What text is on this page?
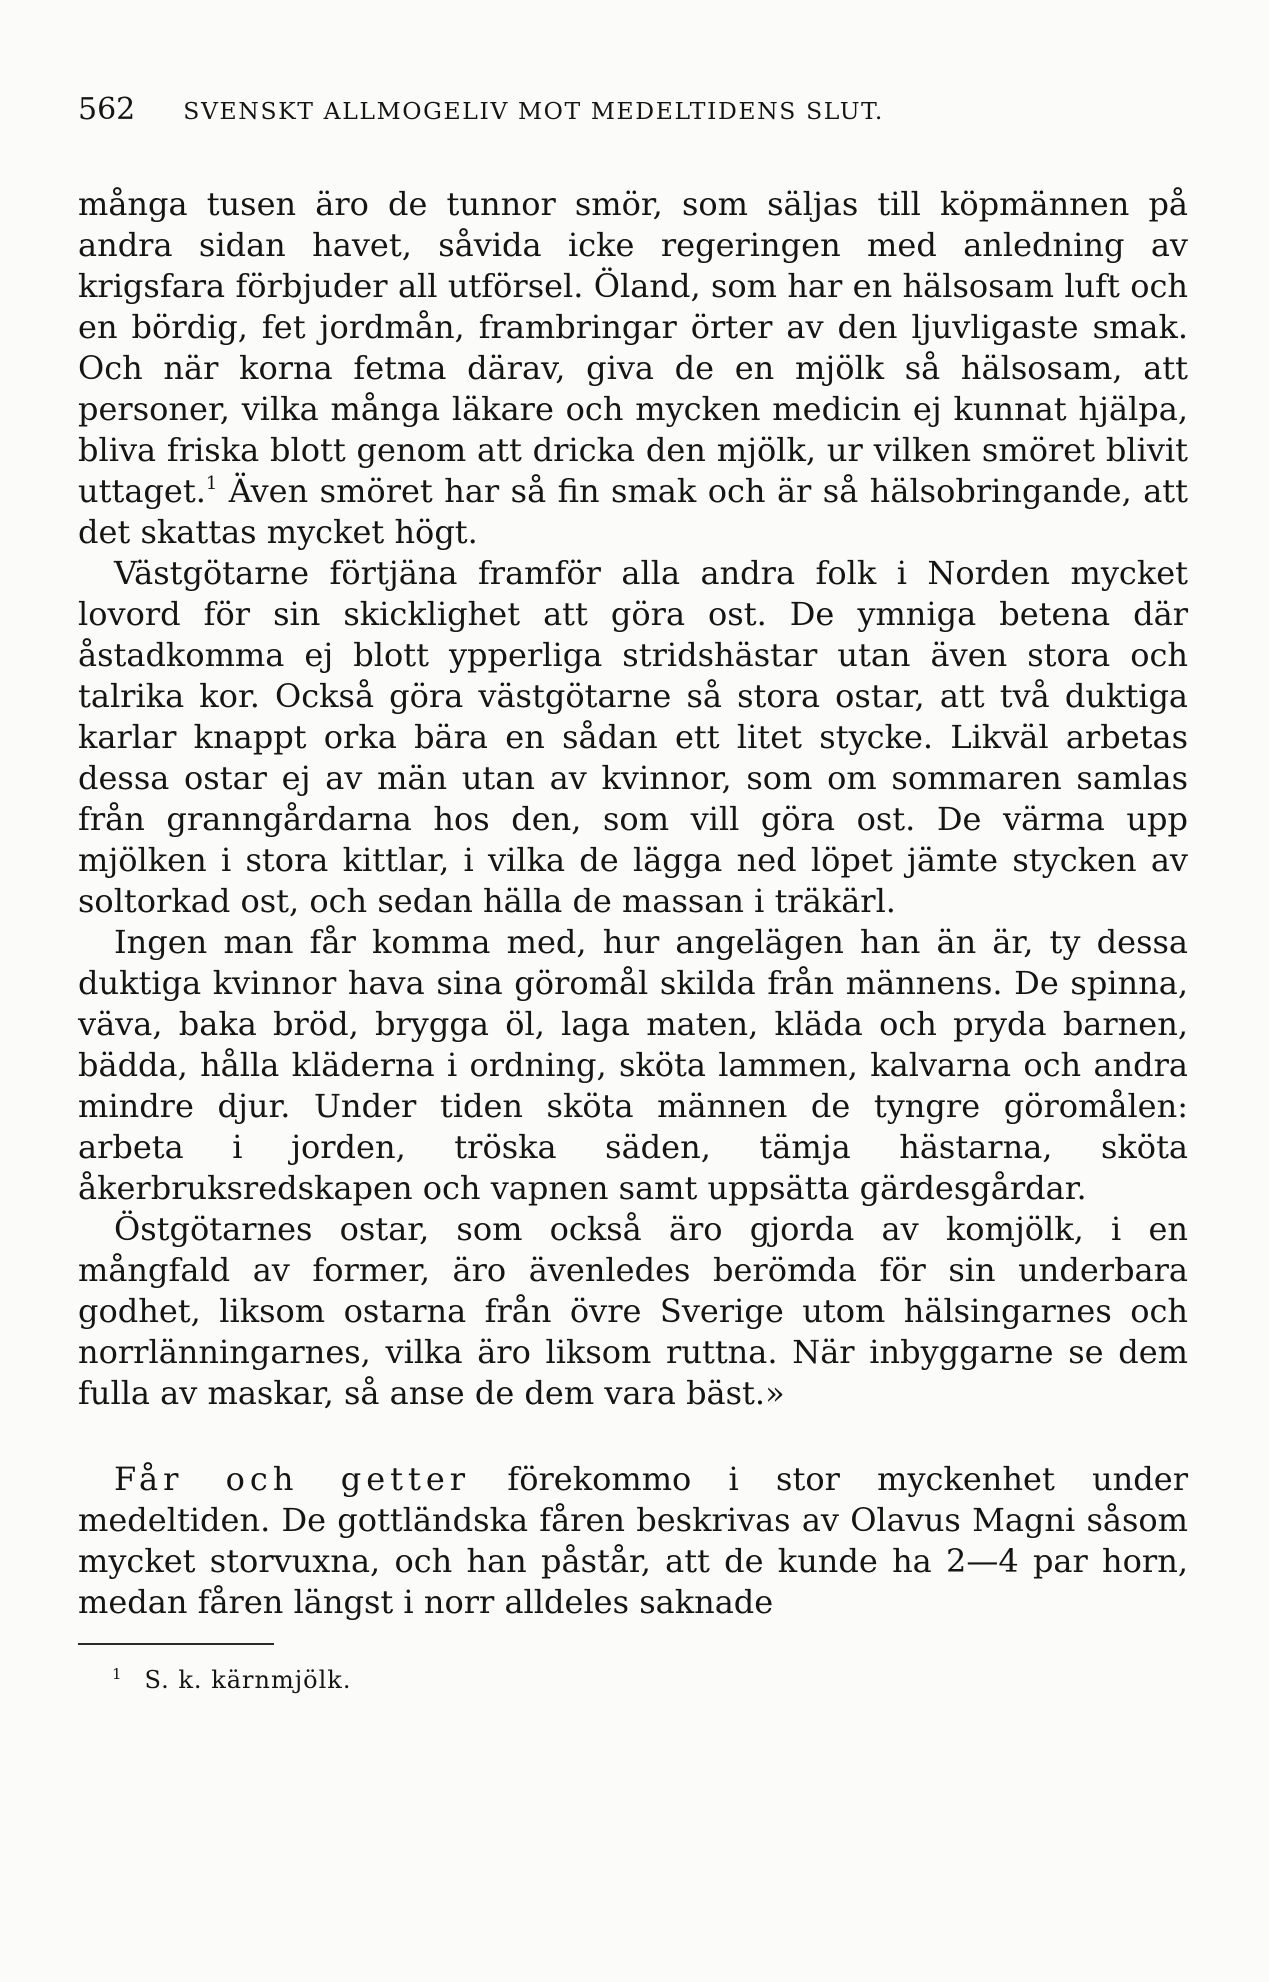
562 SVENSKT ALLMOGELIV MOT MEDELTIDENS SLUT.

många tusen äro de tunnor smör, som säljas till köpmännen på andra sidan havet, såvida icke regeringen med anledning av krigsfara förbjuder all utförsel. Öland, som har en hälsosam luft och en bördig, fet jordmån, frambringar örter av den ljuvligaste smak. Och när korna fetma därav, giva de en mjölk så hälsosam, att personer, vilka många läkare och mycken medicin ej kunnat hjälpa, bliva friska blott genom att dricka den mjölk, ur vilken smöret blivit uttaget.$^1$ Även smöret har så fin smak och är så hälsobringande, att det skattas mycket högt.

Västgötarne förtjäna framför alla andra folk i Norden mycket lovord för sin skicklighet att göra ost. De ymniga betena där åstadkomma ej blott ypperliga stridshästar utan även stora och talrika kor. Också göra västgötarne så stora ostar, att två duktiga karlar knappt orka bära en sådan ett litet stycke. Likväl arbetas dessa ostar ej av män utan av kvinnor, som om sommaren samlas från granngårdarna hos den, som vill göra ost. De värma upp mjölken i stora kittlar, i vilka de lägga ned löpet jämte stycken av soltorkad ost, och sedan hälla de massan i träkärl.

Ingen man får komma med, hur angelägen han än är, ty dessa duktiga kvinnor hava sina göromål skilda från männens. De spinna, väva, baka bröd, brygga öl, laga maten, kläda och pryda barnen, bädda, hålla kläderna i ordning, sköta lammen, kalvarna och andra mindre djur. Under tiden sköta männen de tyngre göromålen: arbeta i jorden, tröska säden, tämja hästarna, sköta åkerbruksredskapen och vapnen samt uppsätta gärdesgårdar.

Östgötarnes ostar, som också äro gjorda av komjölk, i en mångfald av former, äro ävenledes berömda för sin underbara godhet, liksom ostarna från övre Sverige utom hälsingarnes och norrlänningarnes, vilka äro liksom ruttna. När inbyggarne se dem fulla av maskar, så anse de dem vara bäst.»

Får och getter förekommo i stor myckenhet under medeltiden. De gottländska fåren beskrivas av Olavus Magni såsom mycket storvuxna, och han påstår, att de kunde ha 2—4 par horn, medan fåren längst i norr alldeles saknade

$^1$ S. k. kärnmjölk.
